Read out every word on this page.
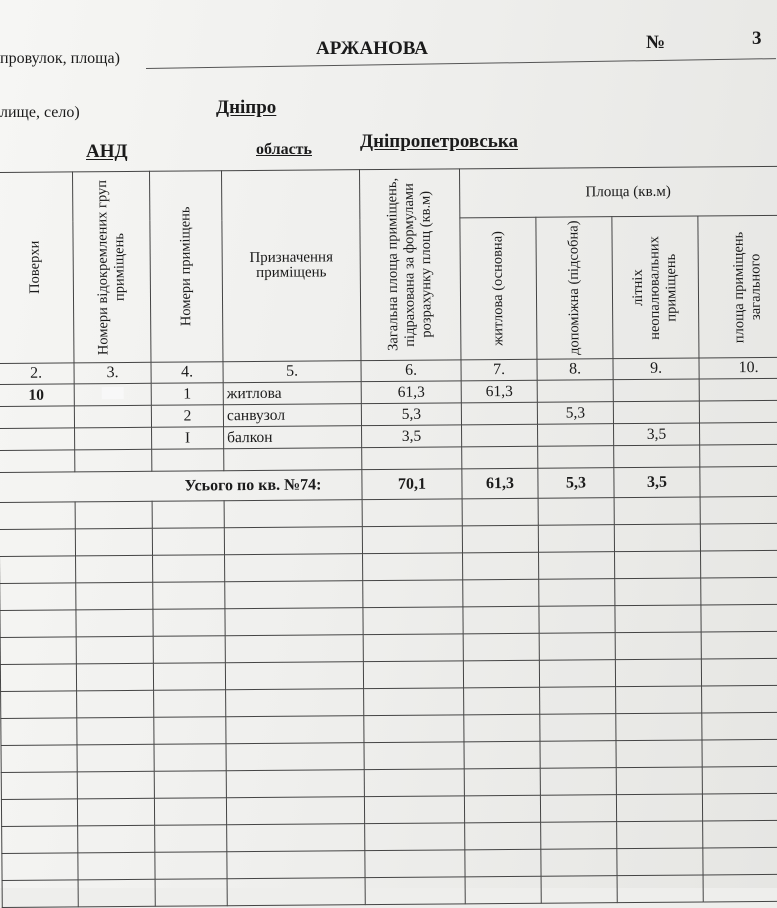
провулок, площа)	АРЖАНОВА	№	3
лище, село)	Дніпро
АНД	область	Дніпропетровська
Поверхи	Номери відокремлених груп приміщень	Номери приміщень	Призначення приміщень	Загальна площа приміщень, підрахована за формулами розрахунку площ (кв.м)	Площа (кв.м)			

					житлова (основна)	допоміжна (підсобна)	літніх неопалювальних приміщень	площа приміщень загального

2.	3.	4.	5.	6.	7.	8.	9.	10.
10		1	житлова	61,3	61,3			
		2	санвузол	5,3		5,3		
		I	балкон	3,5			3,5	

Усього по кв. №74:				70,1	61,3	5,3	3,5	
